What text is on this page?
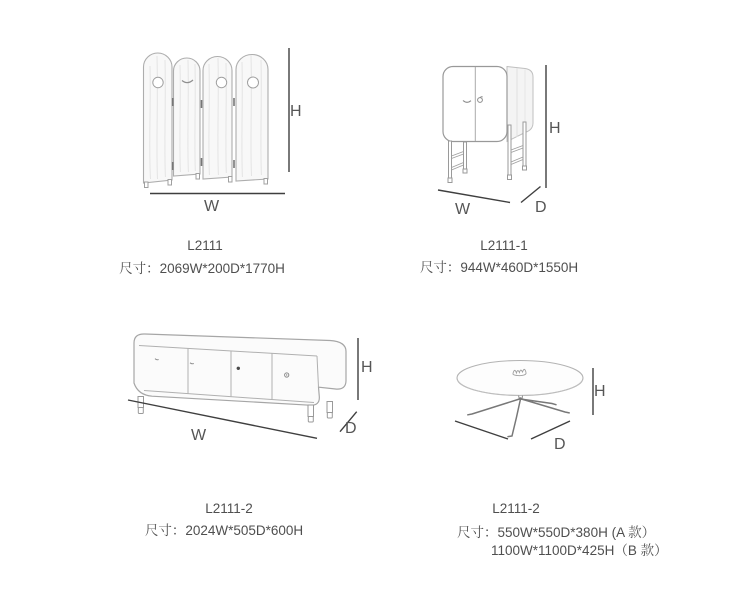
H
W
L2111
尺寸：2069W*200D*1770H
H
W	D
L2111-1
尺寸：944W*460D*1550H
H
W	D
L2111-2
尺寸：2024W*505D*600H
H
D
L2111-2
尺寸：550W*550D*380H (A 款）
1100W*1100D*425H（B 款）
